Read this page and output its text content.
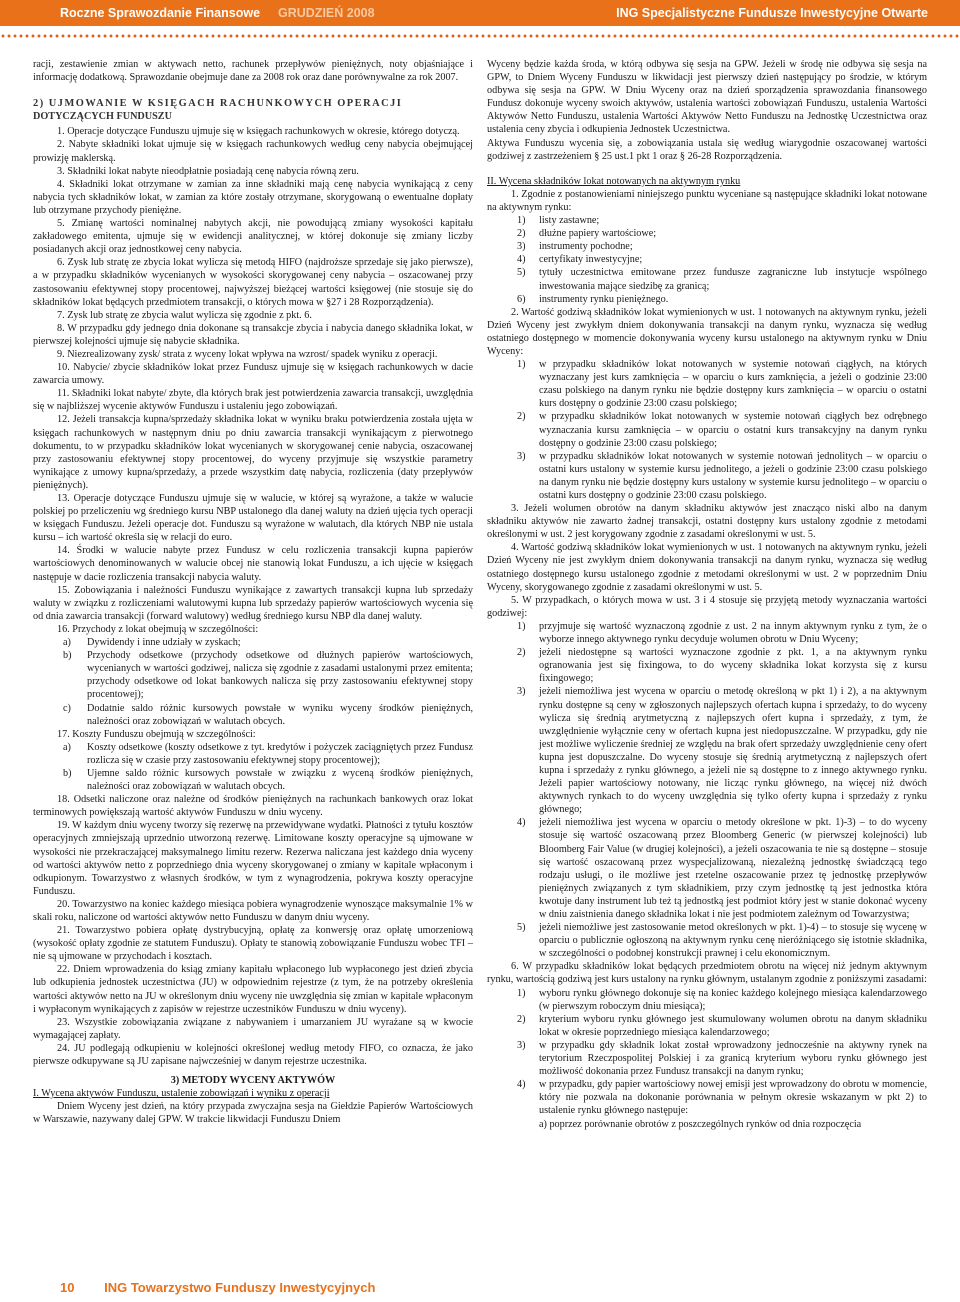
Roczne Sprawozdanie Finansowe GRUDZIEŃ 2008	ING Specjalistyczne Fundusze Inwestycyjne Otwarte

racji, zestawienie zmian w aktywach netto, rachunek przepływów pieniężnych, noty objaśniające i informację dodatkową. Sprawozdanie obejmuje dane za 2008 rok oraz dane porównywalne za rok 2007.

2) UJMOWANIE W KSIĘGACH RACHUNKOWYCH OPERACJI

DOTYCZĄCYCH FUNDUSZU

1. Operacje dotyczące Funduszu ujmuje się w księgach rachunkowych w okresie, którego dotyczą.

2. Nabyte składniki lokat ujmuje się w księgach rachunkowych według ceny nabycia obejmującej prowizję maklerską.

3. Składniki lokat nabyte nieodpłatnie posiadają cenę nabycia równą zeru.

4. Składniki lokat otrzymane w zamian za inne składniki mają cenę nabycia wynikającą z ceny nabycia tych składników lokat, w zamian za które zostały otrzymane, skorygowaną o ewentualne dopłaty lub otrzymane przychody pieniężne.

5. Zmianę wartości nominalnej nabytych akcji, nie powodującą zmiany wysokości kapitału zakładowego emitenta, ujmuje się w ewidencji analitycznej, w której dokonuje się zmiany liczby posiadanych akcji oraz jednostkowej ceny nabycia.

6. Zysk lub stratę ze zbycia lokat wylicza się metodą HIFO (najdroższe sprzedaje się jako pierwsze), a w przypadku składników wycenianych w wysokości skorygowanej ceny nabycia – oszacowanej przy zastosowaniu efektywnej stopy procentowej, najwyższej bieżącej wartości księgowej (nie stosuje się do składników lokat będących przedmiotem transakcji, o których mowa w §27 i 28 Rozporządzenia).

7. Zysk lub stratę ze zbycia walut wylicza się zgodnie z pkt. 6.

8. W przypadku gdy jednego dnia dokonane są transakcje zbycia i nabycia danego składnika lokat, w pierwszej kolejności ujmuje się nabycie składnika.

9. Niezrealizowany zysk/ strata z wyceny lokat wpływa na wzrost/ spadek wyniku z operacji.

10. Nabycie/ zbycie składników lokat przez Fundusz ujmuje się w księgach rachunkowych w dacie zawarcia umowy.

11. Składniki lokat nabyte/ zbyte, dla których brak jest potwierdzenia zawarcia transakcji, uwzględnia się w najbliższej wycenie aktywów Funduszu i ustaleniu jego zobowiązań.

12. Jeżeli transakcja kupna/sprzedaży składnika lokat w wyniku braku potwierdzenia została ujęta w księgach rachunkowych w następnym dniu po dniu zawarcia transakcji wynikającym z pierwotnego dokumentu, to w przypadku składników lokat wycenianych w skorygowanej cenie nabycia, oszacowanej przy zastosowaniu efektywnej stopy procentowej, do wyceny przyjmuje się wszystkie parametry wynikające z umowy kupna/sprzedaży, a przede wszystkim datę nabycia, rozliczenia (daty przepływów pieniężnych).

13. Operacje dotyczące Funduszu ujmuje się w walucie, w której są wyrażone, a także w walucie polskiej po przeliczeniu wg średniego kursu NBP ustalonego dla danej waluty na dzień ujęcia tych operacji w księgach Funduszu. Jeżeli operacje dot. Funduszu są wyrażone w walutach, dla których NBP nie ustala kursu – ich wartość określa się w relacji do euro.

14. Środki w walucie nabyte przez Fundusz w celu rozliczenia transakcji kupna papierów wartościowych denominowanych w walucie obcej nie stanowią lokat Funduszu, a ich ujęcie w księgach następuje w dacie rozliczenia transakcji nabycia waluty.

15. Zobowiązania i należności Funduszu wynikające z zawartych transakcji kupna lub sprzedaży waluty w związku z rozliczeniami walutowymi kupna lub sprzedaży papierów wartościowych wycenia się od dnia zawarcia transakcji (forward walutowy) według średniego kursu NBP dla danej waluty.

16. Przychody z lokat obejmują w szczególności:

a)	Dywidendy i inne udziały w zyskach;
b)	Przychody odsetkowe (przychody odsetkowe od dłużnych papierów wartościowych, wycenianych w wartości godziwej, nalicza się zgodnie z zasadami ustalonymi przez emitenta; przychody odsetkowe od lokat bankowych nalicza się przy zastosowaniu efektywnej stopy procentowej);
c)	Dodatnie saldo różnic kursowych powstałe w wyniku wyceny środków pieniężnych, należności oraz zobowiązań w walutach obcych.

17. Koszty Funduszu obejmują w szczególności:

a)	Koszty odsetkowe (koszty odsetkowe z tyt. kredytów i pożyczek zaciągniętych przez Fundusz rozlicza się w czasie przy zastosowaniu efektywnej stopy procentowej);
b)	Ujemne saldo różnic kursowych powstałe w związku z wyceną środków pieniężnych, należności oraz zobowiązań w walutach obcych.

18. Odsetki naliczone oraz należne od środków pieniężnych na rachunkach bankowych oraz lokat terminowych powiększają wartość aktywów Funduszu w dniu wyceny.

19. W każdym dniu wyceny tworzy się rezerwę na przewidywane wydatki. Płatności z tytułu kosztów operacyjnych zmniejszają uprzednio utworzoną rezerwę. Limitowane koszty operacyjne są ujmowane w wysokości nie przekraczającej maksymalnego limitu rezerw. Rezerwa naliczana jest każdego dnia wyceny od wartości aktywów netto z poprzedniego dnia wyceny skorygowanej o zmiany w kapitale wpłaconym i odkupionym. Towarzystwo z własnych środków, w tym z wynagrodzenia, pokrywa koszty operacyjne Funduszu.

20. Towarzystwo na koniec każdego miesiąca pobiera wynagrodzenie wynoszące maksymalnie 1% w skali roku, naliczone od wartości aktywów netto Funduszu w danym dniu wyceny.

21. Towarzystwo pobiera opłatę dystrybucyjną, opłatę za konwersję oraz opłatę umorzeniową (wysokość opłaty zgodnie ze statutem Funduszu). Opłaty te stanowią zobowiązanie Funduszu wobec TFI – nie są ujmowane w przychodach i kosztach.

22. Dniem wprowadzenia do ksiąg zmiany kapitału wpłaconego lub wypłaconego jest dzień zbycia lub odkupienia jednostek uczestnictwa (JU) w odpowiednim rejestrze (z tym, że na potrzeby określenia wartości aktywów netto na JU w określonym dniu wyceny nie uwzględnia się zmian w kapitale wpłaconym i wypłaconym wynikających z zapisów w rejestrze uczestników Funduszu w dniu wyceny).

23. Wszystkie zobowiązania związane z nabywaniem i umarzaniem JU wyrażane są w kwocie wymagającej zapłaty.

24. JU podlegają odkupieniu w kolejności określonej według metody FIFO, co oznacza, że jako pierwsze odkupywane są JU zapisane najwcześniej w danym rejestrze uczestnika.

3) METODY WYCENY AKTYWÓW

I. Wycena aktywów Funduszu, ustalenie zobowiązań i wyniku z operacji

Dniem Wyceny jest dzień, na który przypada zwyczajna sesja na Giełdzie Papierów Wartościowych w Warszawie, nazywany dalej GPW. W trakcie likwidacji Funduszu Dniem

Wyceny będzie każda środa, w którą odbywa się sesja na GPW. Jeżeli w środę nie odbywa się sesja na GPW, to Dniem Wyceny Funduszu w likwidacji jest pierwszy dzień następujący po środzie, w którym odbywa się sesja na GPW. W Dniu Wyceny oraz na dzień sporządzenia sprawozdania finansowego Fundusz dokonuje wyceny swoich aktywów, ustalenia wartości zobowiązań Funduszu, ustalenia Wartości Aktywów Netto Funduszu, ustalenia Wartości Aktywów Netto Funduszu na Jednostkę Uczestnictwa oraz ustalenia ceny zbycia i odkupienia Jednostek Uczestnictwa.

Aktywa Funduszu wycenia się, a zobowiązania ustala się według wiarygodnie oszacowanej wartości godziwej z zastrzeżeniem § 25 ust.1 pkt 1 oraz § 26-28 Rozporządzenia.

II. Wycena składników lokat notowanych na aktywnym rynku

1. Zgodnie z postanowieniami niniejszego punktu wyceniane są następujące składniki lokat notowane na aktywnym rynku:

1)	listy zastawne;
2)	dłużne papiery wartościowe;
3)	instrumenty pochodne;
4)	certyfikaty inwestycyjne;
5)	tytuły uczestnictwa emitowane przez fundusze zagraniczne lub instytucje wspólnego inwestowania mające siedzibę za granicą;
6)	instrumenty rynku pieniężnego.

2. Wartość godziwą składników lokat wymienionych w ust. 1 notowanych na aktywnym rynku, jeżeli Dzień Wyceny jest zwykłym dniem dokonywania transakcji na danym rynku, wyznacza się według ostatniego dostępnego w momencie dokonywania wyceny kursu ustalonego na aktywnym rynku w Dniu Wyceny:

1)	w przypadku składników lokat notowanych w systemie notowań ciągłych, na których wyznaczany jest kurs zamknięcia – w oparciu o kurs zamknięcia, a jeżeli o godzinie 23:00 czasu polskiego na danym rynku nie będzie dostępny kurs zamknięcia – w oparciu o ostatni kurs dostępny o godzinie 23:00 czasu polskiego;
2)	w przypadku składników lokat notowanych w systemie notowań ciągłych bez odrębnego wyznaczania kursu zamknięcia – w oparciu o ostatni kurs transakcyjny na danym rynku dostępny o godzinie 23:00 czasu polskiego;
3)	w przypadku składników lokat notowanych w systemie notowań jednolitych – w oparciu o ostatni kurs ustalony w systemie kursu jednolitego, a jeżeli o godzinie 23:00 czasu polskiego na danym rynku nie będzie dostępny kurs ustalony w systemie kursu jednolitego – w oparciu o ostatni kurs dostępny o godzinie 23:00 czasu polskiego.

3. Jeżeli wolumen obrotów na danym składniku aktywów jest znacząco niski albo na danym składniku aktywów nie zawarto żadnej transakcji, ostatni dostępny kurs ustalony zgodnie z metodami określonymi w ust. 2 jest korygowany zgodnie z zasadami określonymi w ust. 5.

4. Wartość godziwą składników lokat wymienionych w ust. 1 notowanych na aktywnym rynku, jeżeli Dzień Wyceny nie jest zwykłym dniem dokonywania transakcji na danym rynku, wyznacza się według ostatniego dostępnego kursu ustalonego zgodnie z metodami określonymi w ust. 2 w poprzednim Dniu Wyceny, skorygowanego zgodnie z zasadami określonymi w ust. 5.

5. W przypadkach, o których mowa w ust. 3 i 4 stosuje się przyjętą metody wyznaczania wartości godziwej:

1)	przyjmuje się wartość wyznaczoną zgodnie z ust. 2 na innym aktywnym rynku z tym, że o wyborze innego aktywnego rynku decyduje wolumen obrotu w Dniu Wyceny;
2)	jeżeli niedostępne są wartości wyznaczone zgodnie z pkt. 1, a na aktywnym rynku ogranowania jest się fixingowa, to do wyceny składnika lokat korzysta się z kursu fixingowego;
3)	jeżeli niemożliwa jest wycena w oparciu o metodę określoną w pkt 1) i 2), a na aktywnym rynku dostępne są ceny w zgłoszonych najlepszych ofertach kupna i sprzedaży, to do wyceny wylicza się średnią arytmetyczną z najlepszych ofert kupna i sprzedaży, z tym, że uwzględnienie wyłącznie ceny w ofertach kupna jest niedopuszczalne. W przypadku, gdy nie jest możliwe wyliczenie średniej ze względu na brak ofert sprzedaży uwzględnienie ceny ofert kupna jest dopuszczalne. Do wyceny stosuje się średnią arytmetyczną z najlepszych ofert kupna i sprzedaży z rynku głównego, a jeżeli nie są dostępne to z innego aktywnego rynku. Jeżeli papier wartościowy notowany, nie licząc rynku głównego, na więcej niż dwóch aktywnych rynkach to do wyceny uwzględnia się tylko oferty kupna i sprzedaży z rynku głównego;
4)	jeżeli niemożliwa jest wycena w oparciu o metody określone w pkt. 1)-3) – to do wyceny stosuje się wartość oszacowaną przez Bloomberg Generic (w pierwszej kolejności) lub Bloomberg Fair Value (w drugiej kolejności), a jeżeli oszacowania te nie są dostępne – stosuje się wartość oszacowaną przez wyspecjalizowaną, niezależną jednostkę świadczącą tego rodzaju usługi, o ile możliwe jest rzetelne oszacowanie przez tę jednostkę przepływów pieniężnych związanych z tym składnikiem, przy czym jednostkę tą jest jednostka która kwotuje dany instrument lub też tą jednostką jest podmiot który jest w stanie dokonać wyceny w dniu zaistnienia danego składnika lokat i nie jest podmiotem zależnym od Towarzystwa;
5)	jeżeli niemożliwe jest zastosowanie metod określonych w pkt. 1)-4) – to stosuje się wycenę w oparciu o publicznie ogłoszoną na aktywnym rynku cenę nieróżniącego się istotnie składnika, w szczególności o podobnej konstrukcji prawnej i celu ekonomicznym.

6. W przypadku składników lokat będących przedmiotem obrotu na więcej niż jednym aktywnym rynku, wartością godziwą jest kurs ustalony na rynku głównym, ustalanym zgodnie z poniższymi zasadami:

1)	wyboru rynku głównego dokonuje się na koniec każdego kolejnego miesiąca kalendarzowego (w pierwszym roboczym dniu miesiąca);
2)	kryterium wyboru rynku głównego jest skumulowany wolumen obrotu na danym składniku lokat w okresie poprzedniego miesiąca kalendarzowego;
3)	w przypadku gdy składnik lokat został wprowadzony jednocześnie na aktywny rynek na terytorium Rzeczpospolitej Polskiej i za granicą kryterium wyboru rynku głównego jest możliwość dokonania przez Fundusz transakcji na danym rynku;
4)	w przypadku, gdy papier wartościowy nowej emisji jest wprowadzony do obrotu w momencie, który nie pozwala na dokonanie porównania w pełnym okresie wskazanym w pkt 2) to ustalenie rynku głównego następuje:

a) poprzez porównanie obrotów z poszczególnych rynków od dnia rozpoczęcia

10 ING Towarzystwo Funduszy Inwestycyjnych
